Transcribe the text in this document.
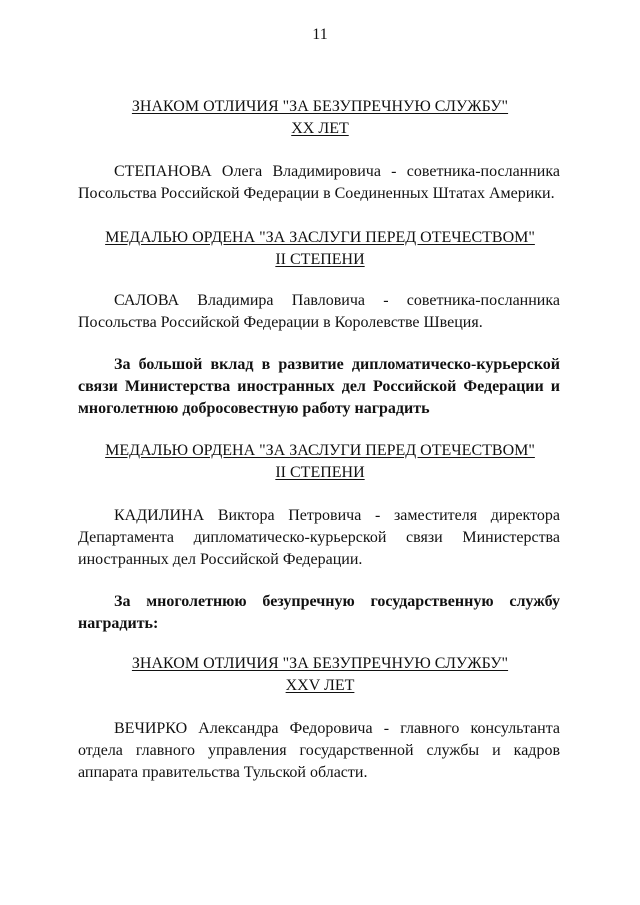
11
ЗНАКОМ ОТЛИЧИЯ "ЗА БЕЗУПРЕЧНУЮ СЛУЖБУ"
XX ЛЕТ
СТЕПАНОВА Олега Владимировича - советника-посланника
Посольства Российской Федерации в Соединенных Штатах Америки.
МЕДАЛЬЮ ОРДЕНА "ЗА ЗАСЛУГИ ПЕРЕД ОТЕЧЕСТВОМ"
II СТЕПЕНИ
САЛОВА Владимира Павловича - советника-посланника
Посольства Российской Федерации в Королевстве Швеция.
За большой вклад в развитие дипломатическо-курьерской
связи Министерства иностранных дел Российской Федерации и
многолетнюю добросовестную работу наградить
МЕДАЛЬЮ ОРДЕНА "ЗА ЗАСЛУГИ ПЕРЕД ОТЕЧЕСТВОМ"
II СТЕПЕНИ
КАДИЛИНА Виктора Петровича - заместителя директора
Департамента дипломатическо-курьерской связи Министерства
иностранных дел Российской Федерации.
За многолетнюю безупречную государственную службу
наградить:
ЗНАКОМ ОТЛИЧИЯ "ЗА БЕЗУПРЕЧНУЮ СЛУЖБУ"
XXV ЛЕТ
ВЕЧИРКО Александра Федоровича - главного консультанта
отдела главного управления государственной службы и кадров
аппарата правительства Тульской области.
